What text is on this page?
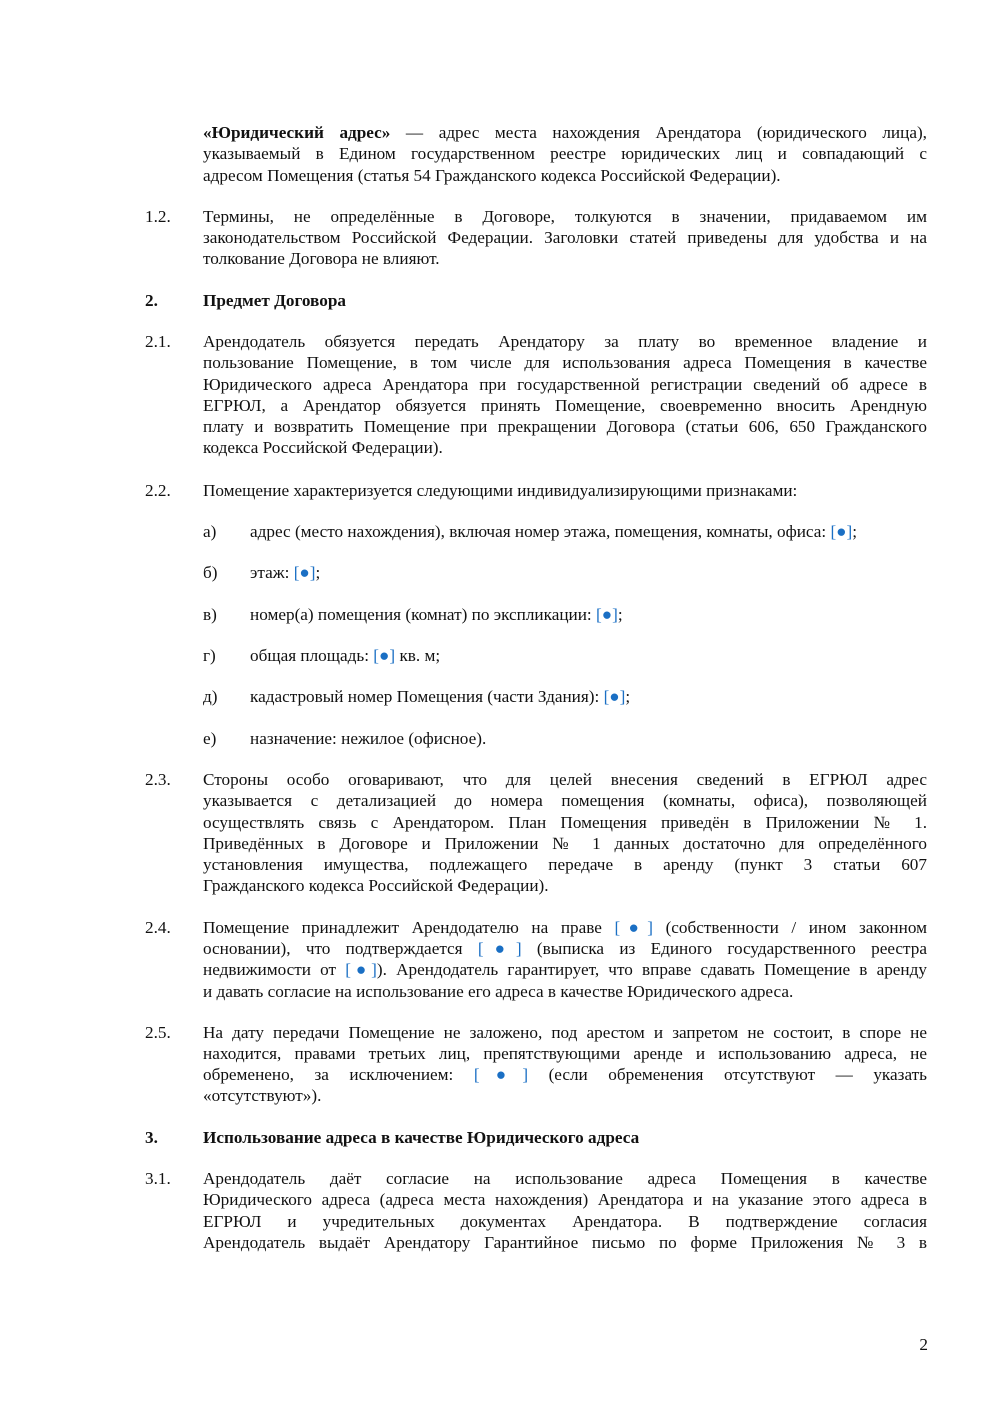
«Юридический адрес» — адрес места нахождения Арендатора (юридического лица),
указываемый в Едином государственном реестре юридических лиц и совпадающий с
адресом Помещения (статья 54 Гражданского кодекса Российской Федерации).
1.2. Термины, не определённые в Договоре, толкуются в значении, придаваемом им
законодательством Российской Федерации. Заголовки статей приведены для удобства и на
толкование Договора не влияют.
2.	Предмет Договора
2.1. Арендодатель обязуется передать Арендатору за плату во временное владение и
пользование Помещение, в том числе для использования адреса Помещения в качестве
Юридического адреса Арендатора при государственной регистрации сведений об адресе в
ЕГРЮЛ, а Арендатор обязуется принять Помещение, своевременно вносить Арендную
плату и возвратить Помещение при прекращении Договора (статьи 606, 650 Гражданского
кодекса Российской Федерации).
2.2. Помещение характеризуется следующими индивидуализирующими признаками:
а) адрес (место нахождения), включая номер этажа, помещения, комнаты, офиса: [●];
б) этаж: [●];
в) номер(а) помещения (комнат) по экспликации: [●];
г) общая площадь: [●] кв. м;
д) кадастровый номер Помещения (части Здания): [●];
е) назначение: нежилое (офисное).
2.3. Стороны особо оговаривают, что для целей внесения сведений в ЕГРЮЛ адрес
указывается с детализацией до номера помещения (комнаты, офиса), позволяющей
осуществлять связь с Арендатором. План Помещения приведён в Приложении № 1.
Приведённых в Договоре и Приложении № 1 данных достаточно для определённого
установления имущества, подлежащего передаче в аренду (пункт 3 статьи 607
Гражданского кодекса Российской Федерации).
2.4. Помещение принадлежит Арендодателю на праве [●] (собственности / ином законном
основании), что подтверждается [●] (выписка из Единого государственного реестра
недвижимости от [●]). Арендодатель гарантирует, что вправе сдавать Помещение в аренду
и давать согласие на использование его адреса в качестве Юридического адреса.
2.5. На дату передачи Помещение не заложено, под арестом и запретом не состоит, в споре не
находится, правами третьих лиц, препятствующими аренде и использованию адреса, не
обременено, за исключением: [●] (если обременения отсутствуют — указать
«отсутствуют»).
3.	Использование адреса в качестве Юридического адреса
3.1. Арендодатель даёт согласие на использование адреса Помещения в качестве
Юридического адреса (адреса места нахождения) Арендатора и на указание этого адреса в
ЕГРЮЛ и учредительных документах Арендатора. В подтверждение согласия
Арендодатель выдаёт Арендатору Гарантийное письмо по форме Приложения № 3 в
2
